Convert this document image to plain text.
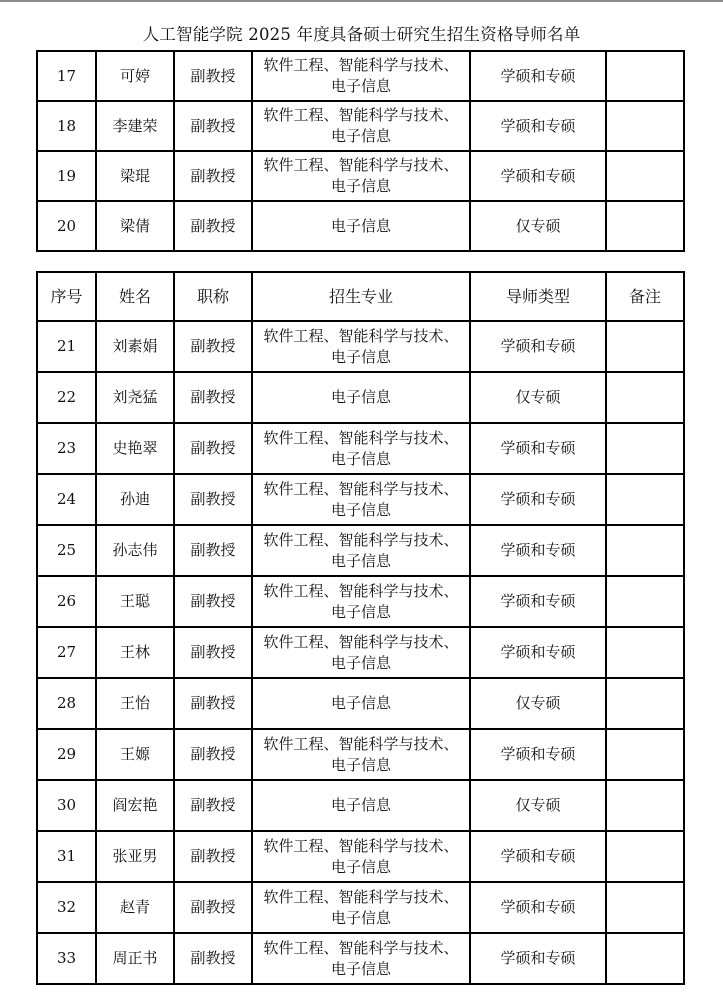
人工智能学院 2025 年度具备硕士研究生招生资格导师名单
17	可婷	副教授	软件工程、智能科学与技术、
电子信息	学硕和专硕	
18	李建荣	副教授	软件工程、智能科学与技术、
电子信息	学硕和专硕	
19	梁琨	副教授	软件工程、智能科学与技术、
电子信息	学硕和专硕	
20	梁倩	副教授	电子信息	仅专硕	
序号	姓名	职称	招生专业	导师类型	备注
21	刘素娟	副教授	软件工程、智能科学与技术、
电子信息	学硕和专硕	
22	刘尧猛	副教授	电子信息	仅专硕	
23	史艳翠	副教授	软件工程、智能科学与技术、
电子信息	学硕和专硕	
24	孙迪	副教授	软件工程、智能科学与技术、
电子信息	学硕和专硕	
25	孙志伟	副教授	软件工程、智能科学与技术、
电子信息	学硕和专硕	
26	王聪	副教授	软件工程、智能科学与技术、
电子信息	学硕和专硕	
27	王林	副教授	软件工程、智能科学与技术、
电子信息	学硕和专硕	
28	王怡	副教授	电子信息	仅专硕	
29	王嫄	副教授	软件工程、智能科学与技术、
电子信息	学硕和专硕	
30	阎宏艳	副教授	电子信息	仅专硕	
31	张亚男	副教授	软件工程、智能科学与技术、
电子信息	学硕和专硕	
32	赵青	副教授	软件工程、智能科学与技术、
电子信息	学硕和专硕	
33	周正书	副教授	软件工程、智能科学与技术、
电子信息	学硕和专硕	
